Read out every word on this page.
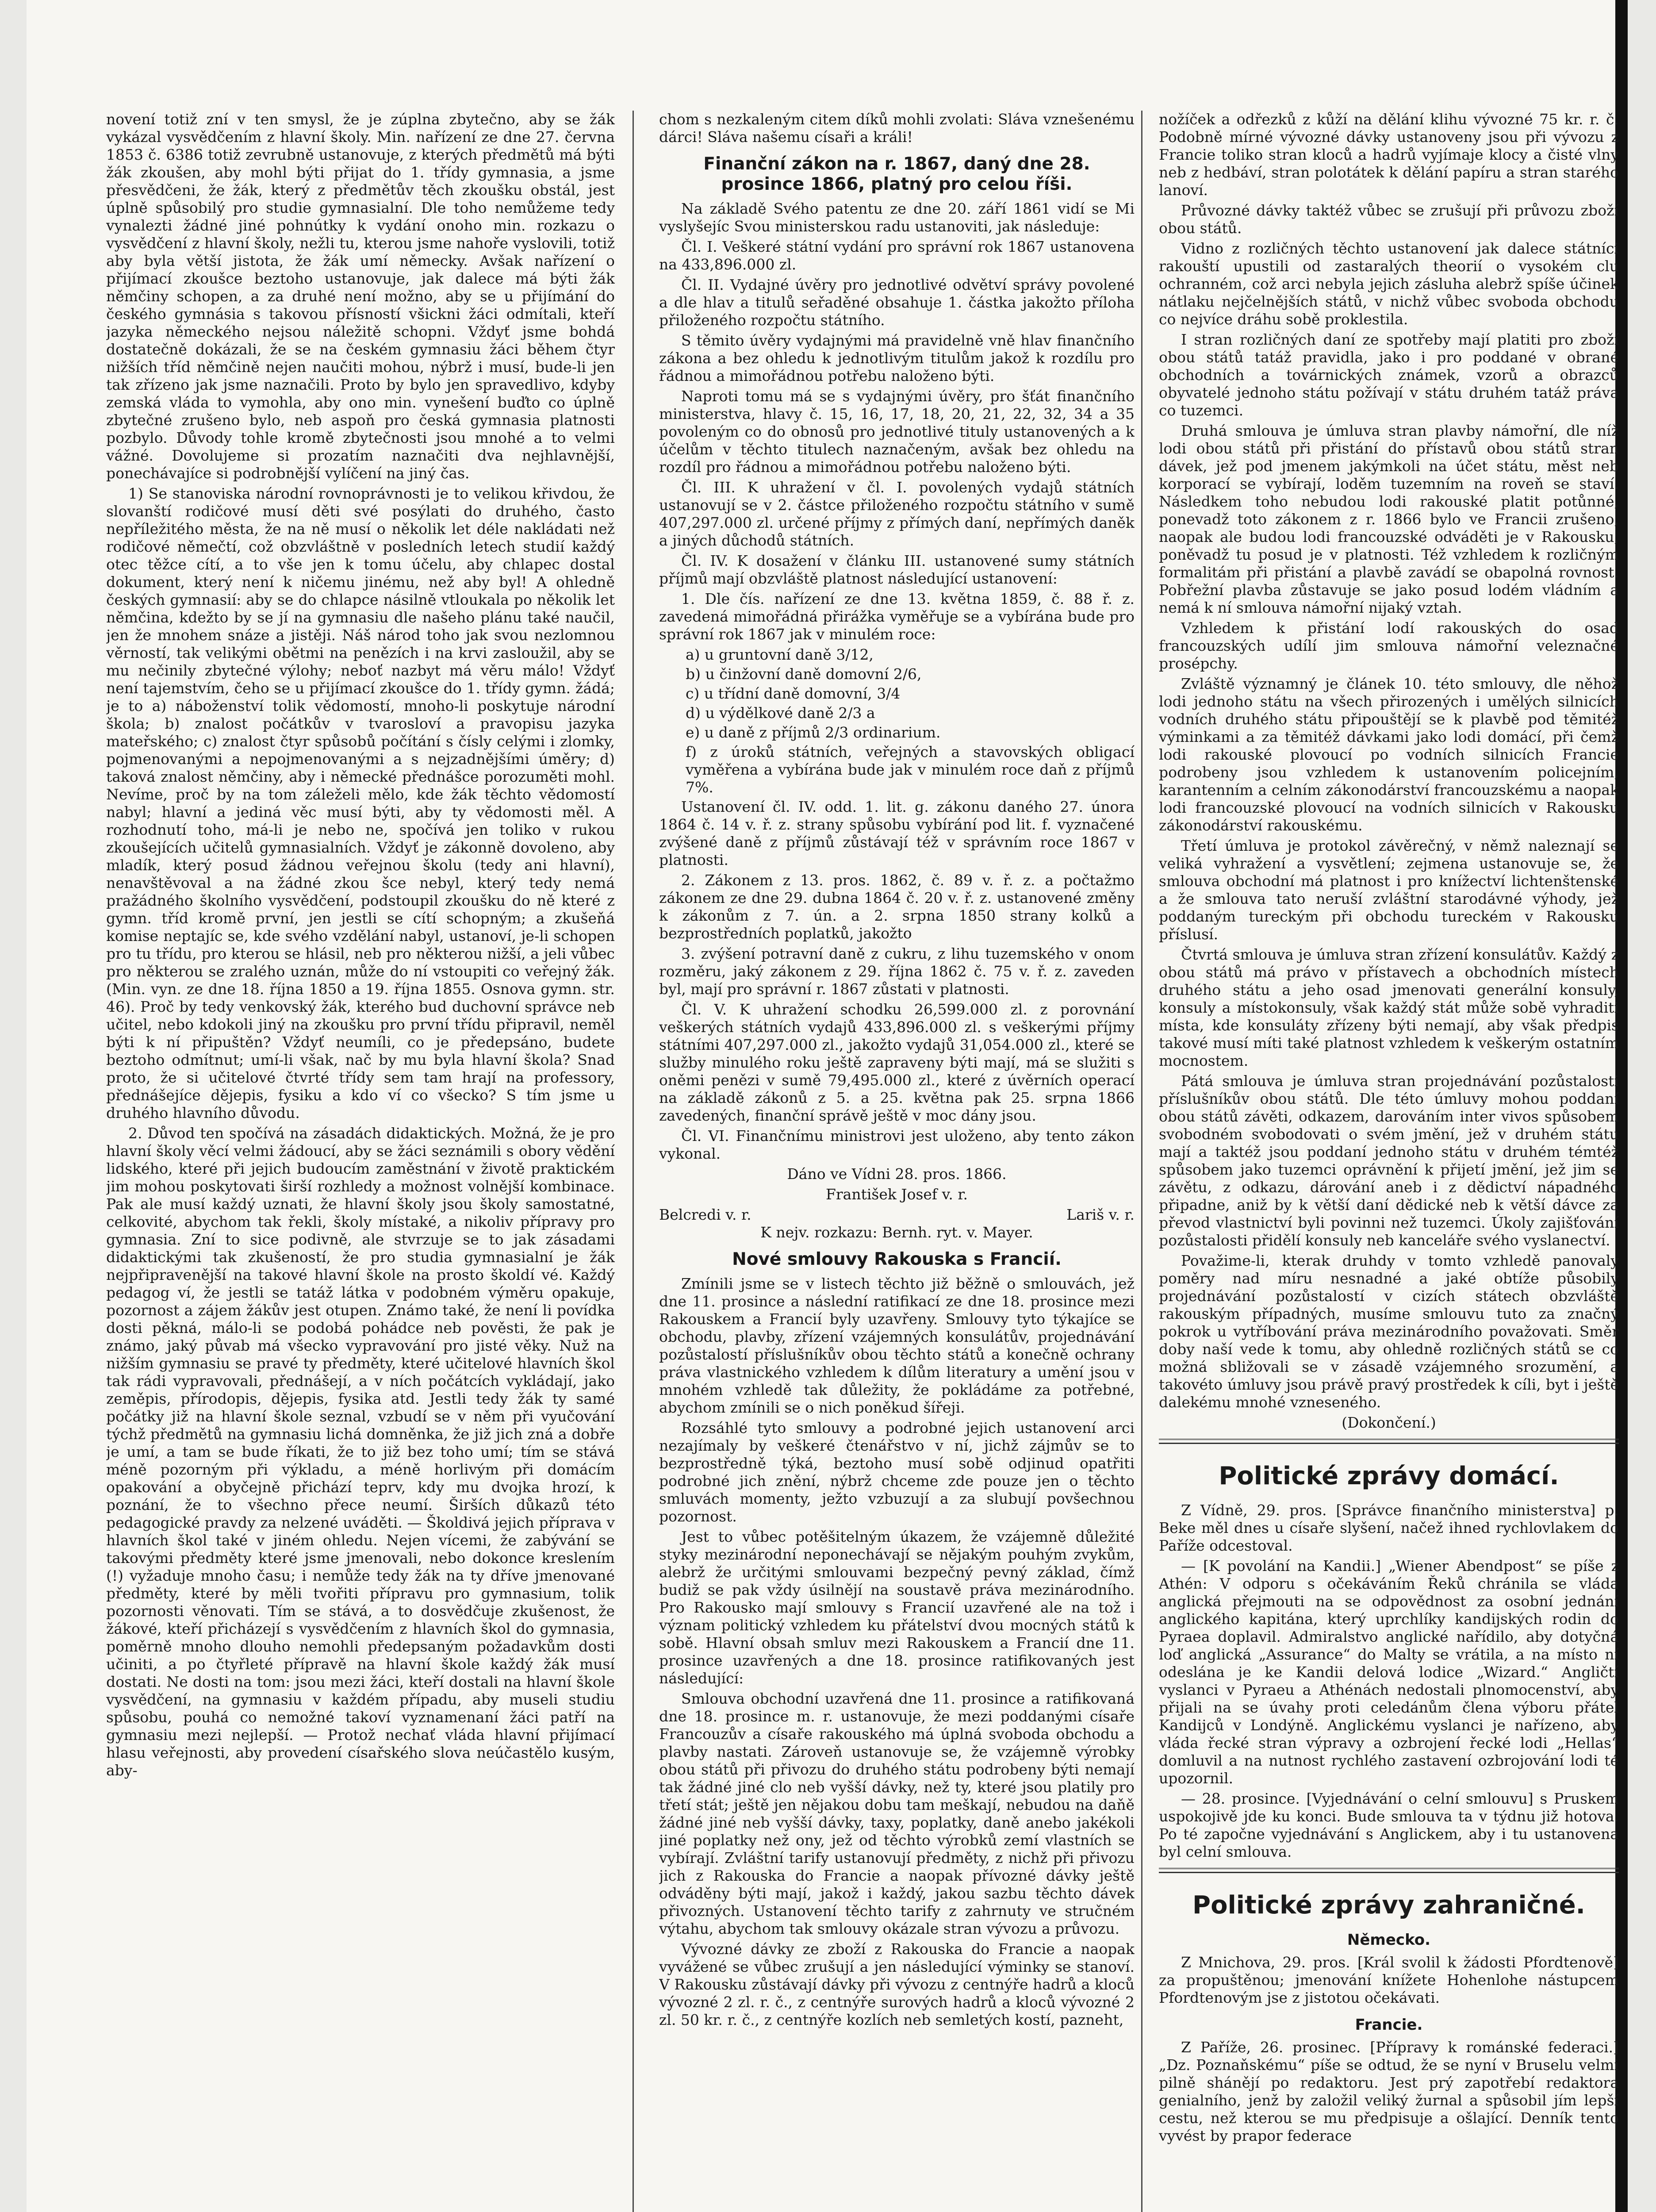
novení totiž zní v ten smysl, že je zúplna zbytečno, aby se žák vykázal vysvědčením z hlavní školy. Min. nařízení ze dne 27. června 1853 č. 6386 totiž zevrubně ustanovuje, z kterých předmětů má býti žák zkoušen, aby mohl býti přijat do 1. třídy gymnasia, a jsme přesvědčeni, že žák, který z předmětův těch zkoušku obstál, jest úplně spůsobilý pro studie gymnasialní. Dle toho nemůžeme tedy vynalezti žádné jiné pohnútky k vydání onoho min. rozkazu o vysvědčení z hlavní školy, nežli tu, kterou jsme nahoře vyslovili, totiž aby byla větší jistota, že žák umí německy. Avšak nařízení o přijímací zkoušce beztoho ustanovuje, jak dalece má býti žák němčiny schopen, a za druhé není možno, aby se u přijímání do českého gymnásia s takovou přísností všickni žáci odmítali, kteří jazyka německého nejsou náležitě schopni. Vždyť jsme bohdá dostatečně dokázali, že se na českém gymnasiu žáci během čtyr nižších tříd němčině nejen naučiti mohou, nýbrž i musí, bude-li jen tak zřízeno jak jsme naznačili. Proto by bylo jen spravedlivo, kdyby zemská vláda to vymohla, aby ono min. vynešení buďto co úplně zbytečné zrušeno bylo, neb aspoň pro česká gymnasia platnosti pozbylo. Důvody tohle kromě zbytečnosti jsou mnohé a to velmi vážné. Dovolujeme si prozatím naznačiti dva nejhlavnější, ponechávajíce si podrobnější vylíčení na jiný čas.

1) Se stanoviska národní rovnoprávnosti je to velikou křivdou, že slovanští rodičové musí děti své posýlati do druhého, často nepříležitého města, že na ně musí o několik let déle nakládati než rodičové němečtí, což obzvláštně v posledních letech studií každý otec těžce cítí, a to vše jen k tomu účelu, aby chlapec dostal dokument, který není k ničemu jinému, než aby byl! A ohledně českých gymnasií: aby se do chlapce násilně vtloukala po několik let němčina, kdežto by se jí na gymnasiu dle našeho plánu také naučil, jen že mnohem snáze a jistěji. Náš národ toho jak svou nezlomnou věrností, tak velikými obětmi na penězích i na krvi zasloužil, aby se mu nečinily zbytečné výlohy; neboť nazbyt má věru málo! Vždyť není tajemstvím, čeho se u přijímací zkoušce do 1. třídy gymn. žádá; je to a) náboženství tolik vědomostí, mnoho-li poskytuje národní škola; b) znalost počátkův v tvarosloví a pravopisu jazyka mateřského; c) znalost čtyr spůsobů počítání s čísly celými i zlomky, pojmenovanými a nepojmenovanými a s nejzadnějšími úměry; d) taková znalost němčiny, aby i německé přednášce porozuměti mohl. Nevíme, proč by na tom záleželi mělo, kde žák těchto vědomostí nabyl; hlavní a jediná věc musí býti, aby ty vědomosti měl. A rozhodnutí toho, má-li je nebo ne, spočívá jen toliko v rukou zkoušejících učitelů gymnasialních. Vždyť je zákonně dovoleno, aby mladík, který posud žádnou veřejnou školu (tedy ani hlavní), nenavštěvoval a na žádné zkou šce nebyl, který tedy nemá pražádného školního vysvědčení, podstoupil zkoušku do ně které z gymn. tříd kromě první, jen jestli se cítí schopným; a zkušeňá komise neptajíc se, kde svého vzdělání nabyl, ustanoví, je-li schopen pro tu třídu, pro kterou se hlásil, neb pro některou nižší, a jeli vůbec pro některou se zralého uznán, může do ní vstoupiti co veřejný žák. (Min. vyn. ze dne 18. října 1850 a 19. října 1855. Osnova gymn. str. 46). Proč by tedy venkovský žák, kterého bud duchovní správce neb učitel, nebo kdokoli jiný na zkoušku pro první třídu připravil, neměl býti k ní připuštěn? Vždyť neumíli, co je předepsáno, budete beztoho odmítnut; umí-li však, nač by mu byla hlavní škola? Snad proto, že si učitelové čtvrté třídy sem tam hrají na professory, přednášejíce dějepis, fysiku a kdo ví co všecko? S tím jsme u druhého hlavního důvodu.

2. Důvod ten spočívá na zásadách didaktických. Možná, že je pro hlavní školy věcí velmi žádoucí, aby se žáci seznámili s obory vědění lidského, které při jejich budoucím zaměstnání v životě praktickém jim mohou poskytovati širší rozhledy a možnost volnější kombinace. Pak ale musí každý uznati, že hlavní školy jsou školy samostatné, celkovité, abychom tak řekli, školy místaké, a nikoliv přípravy pro gymnasia. Zní to sice podivně, ale stvrzuje se to jak zásadami didaktickými tak zkušeností, že pro studia gymnasialní je žák nejpřipravenější na takové hlavní škole na prosto školdí vé. Každý pedagog ví, že jestli se tatáž látka v podobném výměru opakuje, pozornost a zájem žákův jest otupen. Známo také, že není li povídka dosti pěkná, málo-li se podobá pohádce neb pověsti, že pak je známo, jaký půvab má všecko vypravování pro jisté věky. Nuž na nižším gymnasiu se pravé ty předměty, které učitelové hlavních škol tak rádi vypravovali, přednášejí, a v ních počátcích vykládají, jako zeměpis, přírodopis, dějepis, fysika atd. Jestli tedy žák ty samé počátky již na hlavní škole seznal, vzbudí se v něm při vyučování týchž předmětů na gymnasiu lichá domněnka, že již jich zná a dobře je umí, a tam se bude říkati, že to již bez toho umí; tím se stává méně pozorným při výkladu, a méně horlivým při domácím opakování a obyčejně přichází teprv, kdy mu dvojka hrozí, k poznání, že to všechno přece neumí. Širších důkazů této pedagogické pravdy za nelzené uváděti. — Školdivá jejich příprava v hlavních škol také v jiném ohledu. Nejen vícemi, že zabývání se takovými předměty které jsme jmenovali, nebo dokonce kreslením (!) vyžaduje mnoho času; i nemůže tedy žák na ty dříve jmenované předměty, které by měli tvořiti přípravu pro gymnasium, tolik pozornosti věnovati. Tím se stává, a to dosvědčuje zkušenost, že žákové, kteří přicházejí s vysvědčením z hlavních škol do gymnasia, poměrně mnoho dlouho nemohli předepsaným požadavkům dosti učiniti, a po čtyřleté přípravě na hlavní škole každý žák musí dostati. Ne dosti na tom: jsou mezi žáci, kteří dostali na hlavní škole vysvědčení, na gymnasiu v každém případu, aby museli studiu spůsobu, pouhá co nemožné takoví vyznamenaní žáci patří na gymnasiu mezi nejlepší. — Protož nechať vláda hlavní přijímací hlasu veřejnosti, aby provedení císařského slova neúčastělo kusým, aby-

chom s nezkaleným citem díků mohli zvolati: Sláva vznešenému dárci! Sláva našemu císaři a králi!

Finanční zákon na r. 1867, daný dne 28. prosince 1866, platný pro celou říši.

Na základě Svého patentu ze dne 20. září 1861 vidí se Mi vyslyšejíc Svou ministerskou radu ustanoviti, jak následuje:

Čl. I. Veškeré státní vydání pro správní rok 1867 ustanovena na 433,896.000 zl.

Čl. II. Vydajné úvěry pro jednotlivé odvětví správy povolené a dle hlav a titulů seřaděné obsahuje 1. částka jakožto příloha přiloženého rozpočtu státního.

S těmito úvěry vydajnými má pravidelně vně hlav finančního zákona a bez ohledu k jednotlivým titulům jakož k rozdílu pro řádnou a mimořádnou potřebu naloženo býti.

Naproti tomu má se s vydajnými úvěry, pro šťát finančního ministerstva, hlavy č. 15, 16, 17, 18, 20, 21, 22, 32, 34 a 35 povoleným co do obnosů pro jednotlivé tituly ustanovených a k účelům v těchto titulech naznačeným, avšak bez ohledu na rozdíl pro řádnou a mimořádnou potřebu naloženo býti.

Čl. III. K uhražení v čl. I. povolených vydajů státních ustanovují se v 2. částce přiloženého rozpočtu státního v sumě 407,297.000 zl. určené příjmy z přímých daní, nepřímých daněk a jiných důchodů státních.

Čl. IV. K dosažení v článku III. ustanovené sumy státních příjmů mají obzvláště platnost následující ustanovení:

1. Dle čís. nařízení ze dne 13. května 1859, č. 88 ř. z. zavedená mimořádná přirážka vyměřuje se a vybírána bude pro správní rok 1867 jak v minulém roce:

a) u gruntovní daně 3/12,

b) u činžovní daně domovní 2/6,

c) u třídní daně domovní, 3/4

d) u výdělkové daně 2/3 a

e) u daně z příjmů 2/3 ordinarium.

f) z úroků státních, veřejných a stavovských obligací vyměřena a vybírána bude jak v minulém roce daň z příjmů 7%.

Ustanovení čl. IV. odd. 1. lit. g. zákonu daného 27. února 1864 č. 14 v. ř. z. strany spůsobu vybírání pod lit. f. vyznačené zvýšené daně z příjmů zůstávají též v správním roce 1867 v platnosti.

2. Zákonem z 13. pros. 1862, č. 89 v. ř. z. a počtažmo zákonem ze dne 29. dubna 1864 č. 20 v. ř. z. ustanovené změny k zákonům z 7. ún. a 2. srpna 1850 strany kolků a bezprostředních poplatků, jakožto

3. zvýšení potravní daně z cukru, z lihu tuzemského v onom rozměru, jaký zákonem z 29. října 1862 č. 75 v. ř. z. zaveden byl, mají pro správní r. 1867 zůstati v platnosti.

Čl. V. K uhražení schodku 26,599.000 zl. z porovnání veškerých státních vydajů 433,896.000 zl. s veškerými příjmy státními 407,297.000 zl., jakožto vydajů 31,054.000 zl., které se služby minulého roku ještě zapraveny býti mají, má se služiti s oněmi penězi v sumě 79,495.000 zl., které z úvěrních operací na základě zákonů z 5. a 25. května pak 25. srpna 1866 zavedených, finanční správě ještě v moc dány jsou.

Čl. VI. Finančnímu ministrovi jest uloženo, aby tento zákon vykonal.

Dáno ve Vídni 28. pros. 1866.

František Josef v. r.

Belcredi v. r.	Lariš v. r.

K nejv. rozkazu: Bernh. ryt. v. Mayer.

Nové smlouvy Rakouska s Francií.

Zmínili jsme se v listech těchto již běžně o smlouvách, jež dne 11. prosince a následní ratifikací ze dne 18. prosince mezi Rakouskem a Francií byly uzavřeny. Smlouvy tyto týkajíce se obchodu, plavby, zřízení vzájemných konsulátův, projednávání pozůstalostí příslušníkův obou těchto států a konečně ochrany práva vlastnického vzhledem k dílům literatury a umění jsou v mnohém vzhledě tak důležity, že pokládáme za potřebné, abychom zmínili se o nich poněkud šířeji.

Rozsáhlé tyto smlouvy a podrobné jejich ustanovení arci nezajímaly by veškeré čtenářstvo v ní, jichž zájmův se to bezprostředně týká, beztoho musí sobě odjinud opatřiti podrobné jich znění, nýbrž chceme zde pouze jen o těchto smluvách momenty, ježto vzbuzují a za slubují povšechnou pozornost.

Jest to vůbec potěšitelným úkazem, že vzájemně důležité styky mezinárodní neponechávají se nějakým pouhým zvykům, alebrž že určitými smlouvami bezpečný pevný základ, čímž budiž se pak vždy úsilnějí na soustavě práva mezinárodního. Pro Rakousko mají smlouvy s Francií uzavřené ale na tož i význam politický vzhledem ku přátelství dvou mocných států k sobě. Hlavní obsah smluv mezi Rakouskem a Francií dne 11. prosince uzavřených a dne 18. prosince ratifikovaných jest následující:

Smlouva obchodní uzavřená dne 11. prosince a ratifikovaná dne 18. prosince m. r. ustanovuje, že mezi poddanými císaře Francouzův a císaře rakouského má úplná svoboda obchodu a plavby nastati. Zároveň ustanovuje se, že vzájemně výrobky obou států při přivozu do druhého státu podrobeny býti nemají tak žádné jiné clo neb vyšší dávky, než ty, které jsou platily pro třetí stát; ještě jen nějakou dobu tam meškají, nebudou na daňě žádné jiné neb vyšší dávky, taxy, poplatky, daně anebo jakékoli jiné poplatky než ony, jež od těchto výrobků zemí vlastních se vybírají. Zvláštní tarify ustanovují předměty, z nichž při přivozu jich z Rakouska do Francie a naopak přívozné dávky ještě odváděny býti mají, jakož i každý, jakou sazbu těchto dávek přivozných. Ustanovení těchto tarify z zahrnuty ve stručném výtahu, abychom tak smlouvy okázale stran vývozu a průvozu.

Vývozné dávky ze zboží z Rakouska do Francie a naopak vyvážené se vůbec zrušují a jen následující výminky se stanoví. V Rakousku zůstávají dávky při vývozu z centnýře hadrů a kloců vývozné 2 zl. r. č., z centnýře surových hadrů a kloců vývozné 2 zl. 50 kr. r. č., z centnýře kozlích neb semletých kostí, pazneht,

nožíček a odřezků z kůží na dělání klihu vývozné 75 kr. r. č. Podobně mírné vývozné dávky ustanoveny jsou při vývozu z Francie toliko stran kloců a hadrů vyjímaje klocy a čisté vlny neb z hedbáví, stran polotátek k dělání papíru a stran starého lanoví.

Průvozné dávky taktéž vůbec se zrušují při průvozu zboží obou států.

Vidno z rozličných těchto ustanovení jak dalece státníci rakouští upustili od zastaralých theorií o vysokém clu ochranném, což arci nebyla jejich zásluha alebrž spíše účinek nátlaku nejčelnějších států, v nichž vůbec svoboda obchodu co nejvíce dráhu sobě proklestila.

I stran rozličných daní ze spotřeby mají platiti pro zboží obou států tatáž pravidla, jako i pro poddané v obrané obchodních a továrnických známek, vzorů a obrazců obyvatelé jednoho státu požívají v státu druhém tatáž práva co tuzemci.

Druhá smlouva je úmluva stran plavby námořní, dle níž lodi obou států při přistání do přístavů obou států stran dávek, jež pod jmenem jakýmkoli na účet státu, měst neb korporací se vybírají, loděm tuzemním na roveň se staví. Následkem toho nebudou lodi rakouské platit potůnné, ponevadž toto zákonem z r. 1866 bylo ve Francii zrušeno, naopak ale budou lodi francouzské odváděti je v Rakousku, poněvadž tu posud je v platnosti. Též vzhledem k rozličným formalitám při přistání a plavbě zavádí se obapolná rovnost. Pobřežní plavba zůstavuje se jako posud lodém vládním a nemá k ní smlouva námořní nijaký vztah.

Vzhledem k přistání lodí rakouských do osad francouzských udílí jim smlouva námořní veleznačné prosépchy.

Zvláště významný je článek 10. této smlouvy, dle něhož lodi jednoho státu na všech přirozených i umělých silnicích vodních druhého státu připouštějí se k plavbě pod těmitéž výminkami a za těmitéž dávkami jako lodi domácí, při čemž lodi rakouské plovoucí po vodních silnicích Francie podrobeny jsou vzhledem k ustanovením policejním, karantenním a celním zákonodárství francouzskému a naopak lodi francouzské plovoucí na vodních silnicích v Rakousku zákonodárství rakouskému.

Třetí úmluva je protokol závěrečný, v němž naleznají se veliká vyhražení a vysvětlení; zejmena ustanovuje se, že smlouva obchodní má platnost i pro knížectví lichtenštenské a že smlouva tato neruší zvláštní starodávné výhody, jež poddaným tureckým při obchodu tureckém v Rakousku příslusí.

Čtvrtá smlouva je úmluva stran zřízení konsulátův. Každý z obou států má právo v přístavech a obchodních místech druhého státu a jeho osad jmenovati generální konsuly, konsuly a místokonsuly, však každý stát může sobě vyhraditi místa, kde konsuláty zřízeny býti nemají, aby však předpis takové musí míti také platnost vzhledem k veškerým ostatním mocnostem.

Pátá smlouva je úmluva stran projednávání pozůstalosti příslušníkův obou států. Dle této úmluvy mohou poddaní obou států závěti, odkazem, darováním inter vivos spůsobem svobodném svobodovati o svém jmění, jež v druhém státu mají a taktéž jsou poddaní jednoho státu v druhém témtéž spůsobem jako tuzemci oprávnění k přijetí jmění, jež jim se závětu, z odkazu, dárování aneb i z dědictví nápadného připadne, aniž by k větší daní dědické neb k větší dávce za převod vlastnictví byli povinni než tuzemci. Úkoly zajišťování pozůstalosti přidělí konsuly neb kanceláře svého vyslanectví.

Považime-li, kterak druhdy v tomto vzhledě panovaly poměry nad míru nesnadné a jaké obtíže působily projednávání pozůstalostí v cizích státech obzvláště rakouským případných, musíme smlouvu tuto za značný pokrok u vytříbování práva mezinárodního považovati. Směr doby naší vede k tomu, aby ohledně rozličných států se co možná sbližovali se v zásadě vzájemného srozumění, a takovéto úmluvy jsou právě pravý prostředek k cíli, byt i ještě dalekému mnohé vzneseného.

(Dokončení.)

Politické zprávy domácí.

Z Vídně, 29. pros. [Správce finančního ministerstva] p. Beke měl dnes u císaře slyšení, načež ihned rychlovlakem do Paříže odcestoval.

— [K povolání na Kandii.] „Wiener Abendpost“ se píše z Athén: V odporu s očekáváním Řeků chránila se vláda anglická přejmouti na se odpovědnost za osobní jednání anglického kapitána, který uprchlíky kandijských rodin do Pyraea doplavil. Admiralstvo anglické nařídilo, aby dotyčná loď anglická „Assurance“ do Malty se vrátila, a na místo ní odeslána je ke Kandii delová lodice „Wizard.“ Angličtí vyslanci v Pyraeu a Athénách nedostali plnomocenství, aby přijali na se úvahy proti celedánům člena výboru přátel Kandijců v Londýně. Anglickému vyslanci je nařízeno, aby vláda řecké stran výpravy a ozbrojení řecké lodi „Hellas“ domluvil a na nutnost rychlého zastavení ozbrojování lodi té upozornil.

— 28. prosince. [Vyjednávání o celní smlouvu] s Pruskem uspokojivě jde ku konci. Bude smlouva ta v týdnu již hotova. Po té započne vyjednávání s Anglickem, aby i tu ustanovena byl celní smlouva.

Politické zprávy zahraničné.
Německo.

Z Mnichova, 29. pros. [Král svolil k žádosti Pfordtenově] za propuštěnou; jmenování knížete Hohenlohe nástupcem Pfordtenovým jse z jistotou očekávati.

Francie.

Z Paříže, 26. prosinec. [Přípravy k románské federaci.] „Dz. Poznaňskému“ píše se odtud, že se nyní v Bruselu velmi pilně shánějí po redaktoru. Jest prý zapotřebí redaktora genialního, jenž by založil veliký žurnal a spůsobil jím lepší cestu, než kterou se mu předpisuje a ošlající. Denník tento vyvést by prapor federace
